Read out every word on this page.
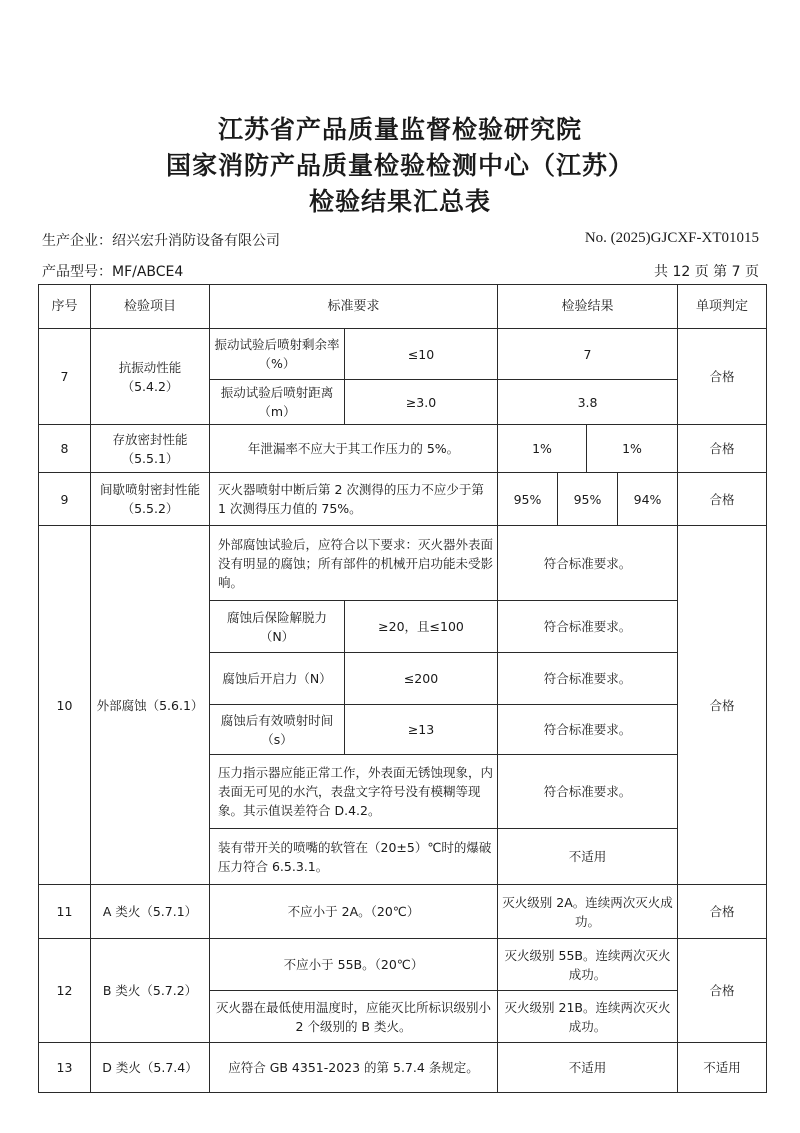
江苏省产品质量监督检验研究院
国家消防产品质量检验检测中心（江苏）
检验结果汇总表
生产企业：绍兴宏升消防设备有限公司	No. (2025)GJCXF-XT01015
产品型号：MF/ABCE4	共 12 页 第 7 页
序号	检验项目	标准要求		检验结果				单项判定
7	抗振动性能（5.4.2）	振动试验后喷射剩余率（%）	≤10	7				合格
		振动试验后喷射距离（m）	≥3.0	3.8				
8	存放密封性能（5.5.1）	年泄漏率不应大于其工作压力的 5%。		1%		1%		合格
9	间歇喷射密封性能（5.5.2）	灭火器喷射中断后第 2 次测得的压力不应少于第 1 次测得压力值的 75%。		95%	95%		94%	合格
10	外部腐蚀（5.6.1）	外部腐蚀试验后，应符合以下要求：灭火器外表面没有明显的腐蚀；所有部件的机械开启功能未受影响。		符合标准要求。				合格
		腐蚀后保险解脱力（N）	≥20，且≤100	符合标准要求。				
		腐蚀后开启力（N）	≤200	符合标准要求。				
		腐蚀后有效喷射时间（s）	≥13	符合标准要求。				
		压力指示器应能正常工作，外表面无锈蚀现象，内表面无可见的水汽，表盘文字符号没有模糊等现象。其示值误差符合 D.4.2。		符合标准要求。				
		装有带开关的喷嘴的软管在（20±5）℃时的爆破压力符合 6.5.3.1。		不适用				
11	A 类火（5.7.1）	不应小于 2A。（20℃）		灭火级别 2A。连续两次灭火成功。				合格
12	B 类火（5.7.2）	不应小于 55B。（20℃）		灭火级别 55B。连续两次灭火成功。				合格
		灭火器在最低使用温度时，应能灭比所标识级别小 2 个级别的 B 类火。		灭火级别 21B。连续两次灭火成功。				
13	D 类火（5.7.4）	应符合 GB 4351-2023 的第 5.7.4 条规定。		不适用				不适用
